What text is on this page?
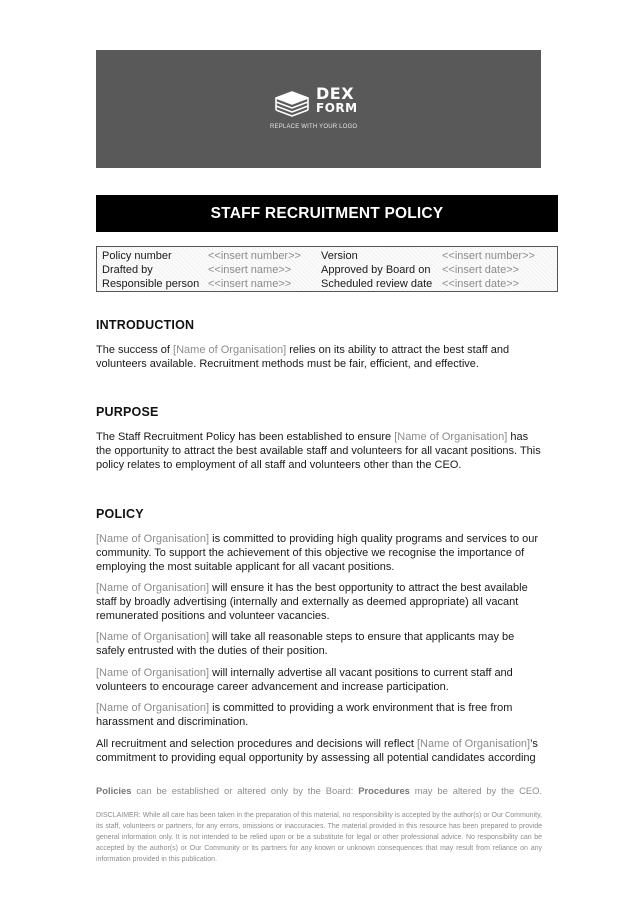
DEX
FORM
REPLACE WITH YOUR LOGO
STAFF RECRUITMENT POLICY
Policy number	<<insert number>> Version	<<insert number>>
Drafted by	<<insert name>>	Approved by Board on <<insert date>>
Responsible person <<insert name>>	Scheduled review date <<insert date>>
INTRODUCTION
The success of [Name of Organisation] relies on its ability to attract the best staff and volunteers available. Recruitment methods must be fair, efficient, and effective.
PURPOSE
The Staff Recruitment Policy has been established to ensure [Name of Organisation] has the opportunity to attract the best available staff and volunteers for all vacant positions. This policy relates to employment of all staff and volunteers other than the CEO.
POLICY
[Name of Organisation] is committed to providing high quality programs and services to our community. To support the achievement of this objective we recognise the importance of employing the most suitable applicant for all vacant positions.
[Name of Organisation] will ensure it has the best opportunity to attract the best available staff by broadly advertising (internally and externally as deemed appropriate) all vacant remunerated positions and volunteer vacancies.
[Name of Organisation] will take all reasonable steps to ensure that applicants may be safely entrusted with the duties of their position.
[Name of Organisation] will internally advertise all vacant positions to current staff and volunteers to encourage career advancement and increase participation.
[Name of Organisation] is committed to providing a work environment that is free from harassment and discrimination.
All recruitment and selection procedures and decisions will reflect [Name of Organisation]’s commitment to providing equal opportunity by assessing all potential candidates according
Policies can be established or altered only by the Board: Procedures may be altered by the CEO.
DISCLAIMER: While all care has been taken in the preparation of this material, no responsibility is accepted by the author(s) or Our Community, its staff, volunteers or partners, for any errors, omissions or inaccuracies. The material provided in this resource has been prepared to provide general information only. It is not intended to be relied upon or be a substitute for legal or other professional advice. No responsibility can be accepted by the author(s) or Our Community or its partners for any known or unknown consequences that may result from reliance on any information provided in this publication.
